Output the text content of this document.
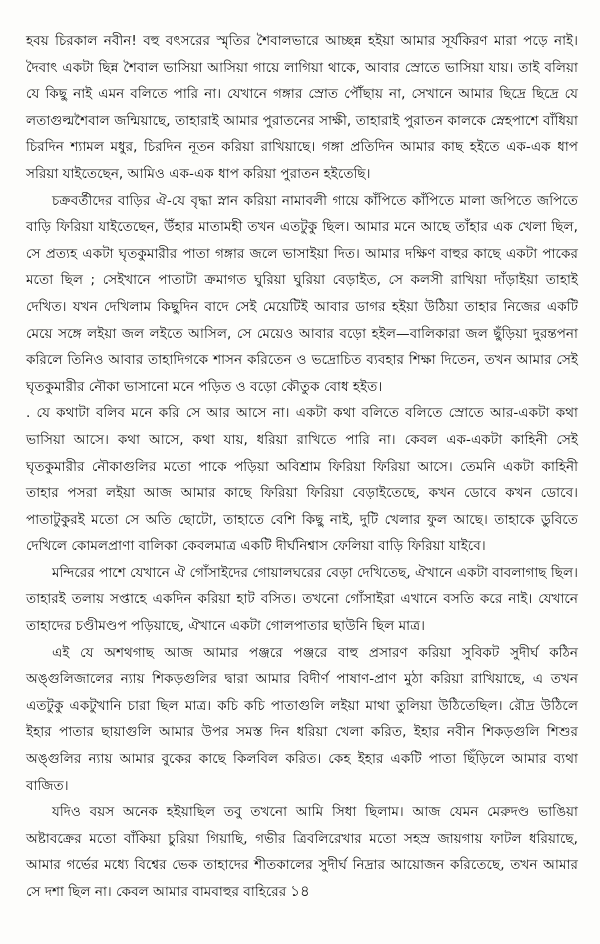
হবয় চিরকাল নবীন! বহু বৎসরের স্মৃতির শৈবালভারে আচ্ছন্ন হইয়া আমার সূর্যকিরণ মারা পড়ে নাই। দৈবাৎ একটা ছিন্ন শৈবাল ভাসিয়া আসিয়া গায়ে লাগিয়া থাকে, আবার স্রোতে ভাসিয়া যায়। তাই বলিয়া যে কিছু নাই এমন বলিতে পারি না। যেখানে গঙ্গার স্রোত পৌঁছায় না, সেখানে আমার ছিদ্রে ছিদ্রে যে লতাগুল্মশৈবাল জন্মিয়াছে, তাহারাই আমার পুরাতনের সাক্ষী, তাহারাই পুরাতন কালকে স্নেহপাশে বাঁধিয়া চিরদিন শ্যামল মধুর, চিরদিন নূতন করিয়া রাখিয়াছে। গঙ্গা প্রতিদিন আমার কাছ হইতে এক-এক ধাপ সরিয়া যাইতেছেন, আমিও এক-এক ধাপ করিয়া পুরাতন হইতেছি।

চক্রবর্তীদের বাড়ির ঐ-যে বৃদ্ধা স্নান করিয়া নামাবলী গায়ে কাঁপিতে কাঁপিতে মালা জপিতে জপিতে বাড়ি ফিরিয়া যাইতেছেন, উঁহার মাতামহী তখন এতটুকু ছিল। আমার মনে আছে তাঁহার এক খেলা ছিল, সে প্রত্যহ একটা ঘৃতকুমারীর পাতা গঙ্গার জলে ভাসাইয়া দিত। আমার দক্ষিণ বাহুর কাছে একটা পাকের মতো ছিল ; সেইখানে পাতাটা ক্রমাগত ঘুরিয়া ঘুরিয়া বেড়াইত, সে কলসী রাখিয়া দাঁড়াইয়া তাহাই দেখিত। যখন দেখিলাম কিছুদিন বাদে সেই মেয়েটিই আবার ডাগর হইয়া উঠিয়া তাহার নিজের একটি মেয়ে সঙ্গে লইয়া জল লইতে আসিল, সে মেয়েও আবার বড়ো হইল—বালিকারা জল ছুঁড়িয়া দুরন্তপনা করিলে তিনিও আবার তাহাদিগকে শাসন করিতেন ও ভদ্রোচিত ব্যবহার শিক্ষা দিতেন, তখন আমার সেই ঘৃতকুমারীর নৌকা ভাসানো মনে পড়িত ও বড়ো কৌতুক বোধ হইত।

. যে কথাটা বলিব মনে করি সে আর আসে না। একটা কথা বলিতে বলিতে স্রোতে আর-একটা কথা ভাসিয়া আসে। কথা আসে, কথা যায়, ধরিয়া রাখিতে পারি না। কেবল এক-একটা কাহিনী সেই ঘৃতকুমারীর নৌকাগুলির মতো পাকে পড়িয়া অবিশ্রাম ফিরিয়া ফিরিয়া আসে। তেমনি একটা কাহিনী তাহার পসরা লইয়া আজ আমার কাছে ফিরিয়া ফিরিয়া বেড়াইতেছে, কখন ডোবে কখন ডোবে। পাতাটুকুরই মতো সে অতি ছোটো, তাহাতে বেশি কিছু নাই, দুটি খেলার ফুল আছে। তাহাকে ডুবিতে দেখিলে কোমলপ্রাণা বালিকা কেবলমাত্র একটি দীর্ঘনিশ্বাস ফেলিয়া বাড়ি ফিরিয়া যাইবে।

মন্দিরের পাশে যেখানে ঐ গোঁসাইদের গোয়ালঘরের বেড়া দেখিতেছ, ঐখানে একটা বাবলাগাছ ছিল। তাহারই তলায় সপ্তাহে একদিন করিয়া হাট বসিত। তখনো গোঁসাইরা এখানে বসতি করে নাই। যেখানে তাহাদের চণ্ডীমণ্ডপ পড়িয়াছে, ঐখানে একটা গোলপাতার ছাউনি ছিল মাত্র।

এই যে অশথগাছ আজ আমার পঞ্জরে পঞ্জরে বাহু প্রসারণ করিয়া সুবিকট সুদীর্ঘ কঠিন অঙ্গুলিজালের ন্যায় শিকড়গুলির দ্বারা আমার বিদীর্ণ পাষাণ-প্রাণ মুঠা করিয়া রাখিয়াছে, এ তখন এতটুকু একটুখানি চারা ছিল মাত্র। কচি কচি পাতাগুলি লইয়া মাথা তুলিয়া উঠিতেছিল। রৌদ্র উঠিলে ইহার পাতার ছায়াগুলি আমার উপর সমস্ত দিন ধরিয়া খেলা করিত, ইহার নবীন শিকড়গুলি শিশুর অঙ্গুলির ন্যায় আমার বুকের কাছে কিলবিল করিত। কেহ ইহার একটি পাতা ছিঁড়িলে আমার ব্যথা বাজিত।

যদিও বয়স অনেক হইয়াছিল তবু তখনো আমি সিধা ছিলাম। আজ যেমন মেরুদণ্ড ভাঙিয়া অষ্টাবক্রের মতো বাঁকিয়া চুরিয়া গিয়াছি, গভীর ত্রিবলিরেখার মতো সহস্র জায়গায় ফাটল ধরিয়াছে, আমার গর্ভের মধ্যে বিশ্বের ভেক তাহাদের শীতকালের সুদীর্ঘ নিদ্রার আয়োজন করিতেছে, তখন আমার সে দশা ছিল না। কেবল আমার বামবাহুর বাহিরের ১৪
